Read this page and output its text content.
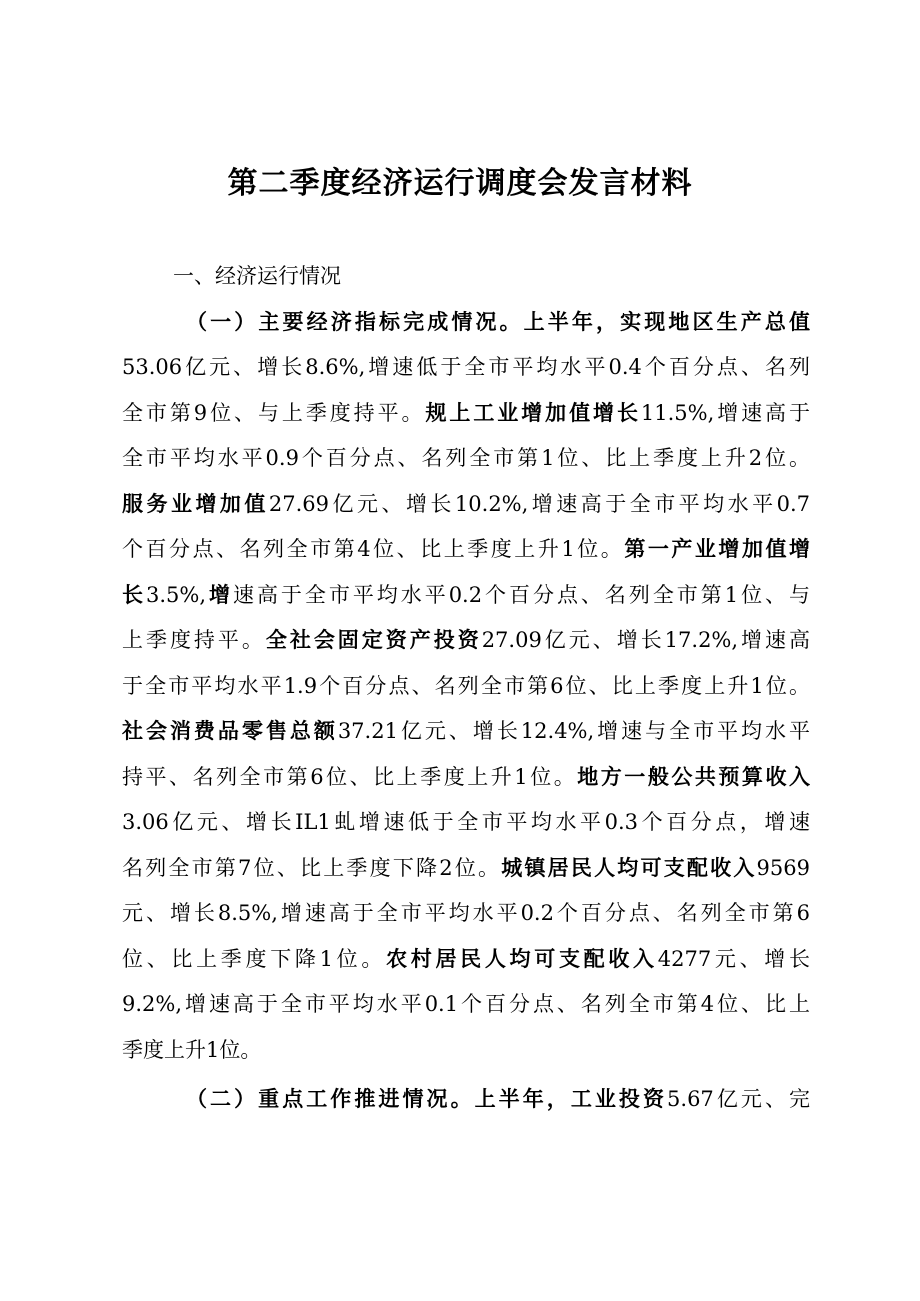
第二季度经济运行调度会发言材料
一、经济运行情况
（一）主要经济指标完成情况。上半年，实现地区生产总值
53.06亿元、增长8.6%,增速低于全市平均水平0.4个百分点、名列
全市第9位、与上季度持平。规上工业增加值增长11.5%,增速高于
全市平均水平0.9个百分点、名列全市第1位、比上季度上升2位。
服务业增加值27.69亿元、增长10.2%,增速高于全市平均水平0.7
个百分点、名列全市第4位、比上季度上升1位。第一产业增加值增
长3.5%,增速高于全市平均水平0.2个百分点、名列全市第1位、与
上季度持平。全社会固定资产投资27.09亿元、增长17.2%,增速高
于全市平均水平1.9个百分点、名列全市第6位、比上季度上升1位。
社会消费品零售总额37.21亿元、增长12.4%,增速与全市平均水平
持平、名列全市第6位、比上季度上升1位。地方一般公共预算收入
3.06亿元、增长IL1虬增速低于全市平均水平0.3个百分点，增速
名列全市第7位、比上季度下降2位。城镇居民人均可支配收入9569
元、增长8.5%,增速高于全市平均水平0.2个百分点、名列全市第6
位、比上季度下降1位。农村居民人均可支配收入4277元、增长
9.2%,增速高于全市平均水平0.1个百分点、名列全市第4位、比上
季度上升1位。
（二）重点工作推进情况。上半年，工业投资5.67亿元、完
